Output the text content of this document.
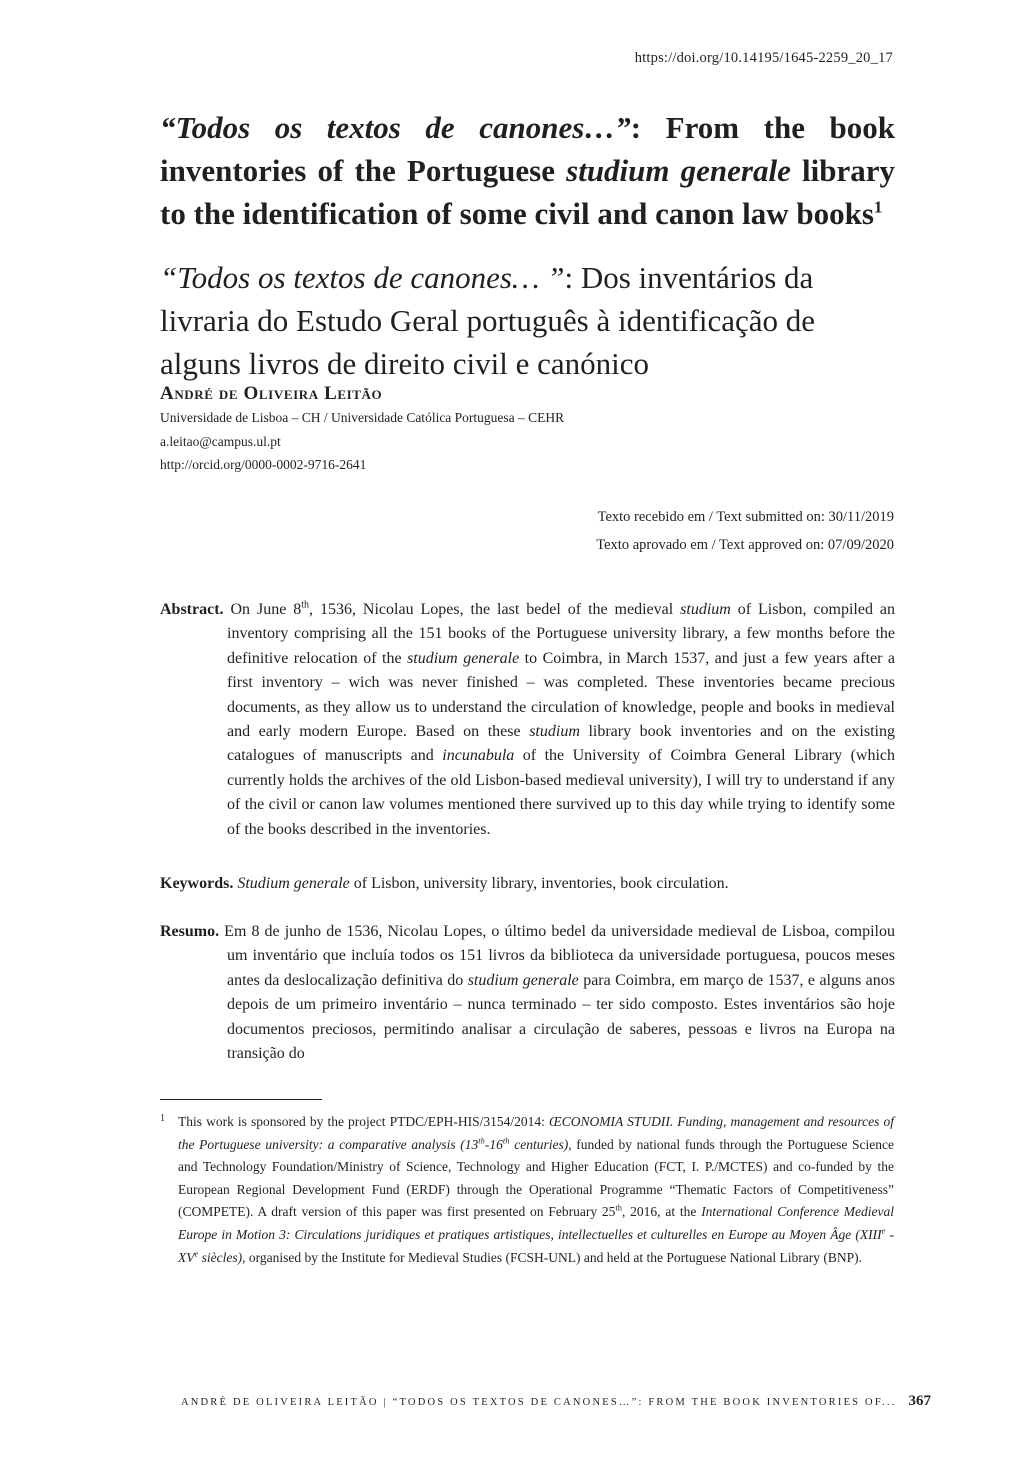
https://doi.org/10.14195/1645-2259_20_17
“Todos os textos de canones…”: From the book inventories of the Portuguese studium generale library to the identification of some civil and canon law books$^1$
“Todos os textos de canones… ”: Dos inventários da livraria do Estudo Geral português à identificação de alguns livros de direito civil e canónico
André de Oliveira Leitão
Universidade de Lisboa – CH / Universidade Católica Portuguesa – CEHR
a.leitao@campus.ul.pt
http://orcid.org/0000-0002-9716-2641
Texto recebido em / Text submitted on: 30/11/2019
Texto aprovado em / Text approved on: 07/09/2020

Abstract. On June 8th, 1536, Nicolau Lopes, the last bedel of the medieval studium of Lisbon, compiled an inventory comprising all the 151 books of the Portuguese university library, a few months before the definitive relocation of the studium generale to Coimbra, in March 1537, and just a few years after a first inventory – wich was never finished – was completed. These inventories became precious documents, as they allow us to understand the circulation of knowledge, people and books in medieval and early modern Europe. Based on these studium library book inventories and on the existing catalogues of manuscripts and incunabula of the University of Coimbra General Library (which currently holds the archives of the old Lisbon-based medieval university), I will try to understand if any of the civil or canon law volumes mentioned there survived up to this day while trying to identify some of the books described in the inventories.

Keywords. Studium generale of Lisbon, university library, inventories, book circulation.

Resumo. Em 8 de junho de 1536, Nicolau Lopes, o último bedel da universidade medieval de Lisboa, compilou um inventário que incluía todos os 151 livros da biblioteca da universidade portuguesa, poucos meses antes da deslocalização definitiva do studium generale para Coimbra, em março de 1537, e alguns anos depois de um primeiro inventário – nunca terminado – ter sido composto. Estes inventários são hoje documentos preciosos, permitindo analisar a circulação de saberes, pessoas e livros na Europa na transição do

1 This work is sponsored by the project PTDC/EPH-HIS/3154/2014: ŒCONOMIA STUDII. Funding, management and resources of the Portuguese university: a comparative analysis (13th-16th centuries), funded by national funds through the Portuguese Science and Technology Foundation/Ministry of Science, Technology and Higher Education (FCT, I. P./MCTES) and co-funded by the European Regional Development Fund (ERDF) through the Operational Programme “Thematic Factors of Competitiveness” (COMPETE). A draft version of this paper was first presented on February 25th, 2016, at the International Conference Medieval Europe in Motion 3: Circulations juridiques et pratiques artistiques, intellectuelles et culturelles en Europe au Moyen Âge (XIIIe -XVe siècles), organised by the Institute for Medieval Studies (FCSH-UNL) and held at the Portuguese National Library (BNP).

ANDRÉ DE OLIVEIRA LEITÃO | “TODOS OS TEXTOS DE CANONES…”: FROM THE BOOK INVENTORIES OF... 367
